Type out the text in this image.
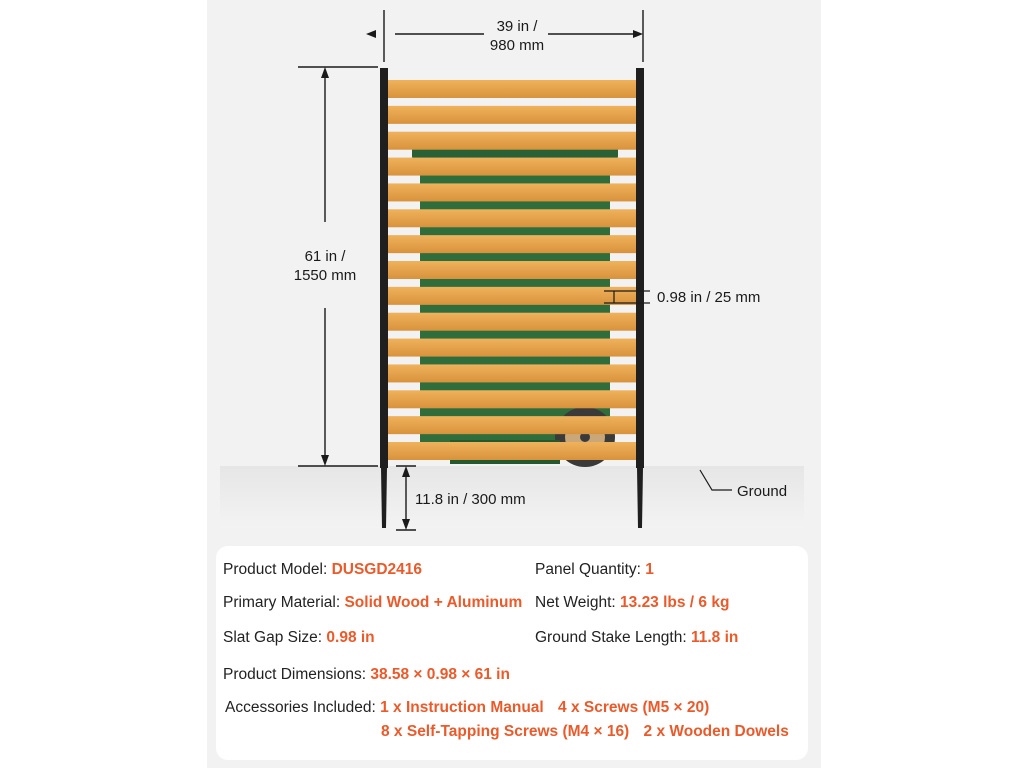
39 in /
980 mm
61 in /
1550 mm
0.98 in / 25 mm
11.8 in / 300 mm	Ground
Product Model: DUSGD2416	Panel Quantity: 1
Primary Material: Solid Wood + Aluminum Net Weight: 13.23 lbs / 6 kg
Slat Gap Size: 0.98 in	Ground Stake Length: 11.8 in
Product Dimensions: 38.58 × 0.98 × 61 in
Accessories Included: 1 x Instruction Manual 4 x Screws (M5 × 20)
8 x Self-Tapping Screws (M4 × 16) 2 x Wooden Dowels
